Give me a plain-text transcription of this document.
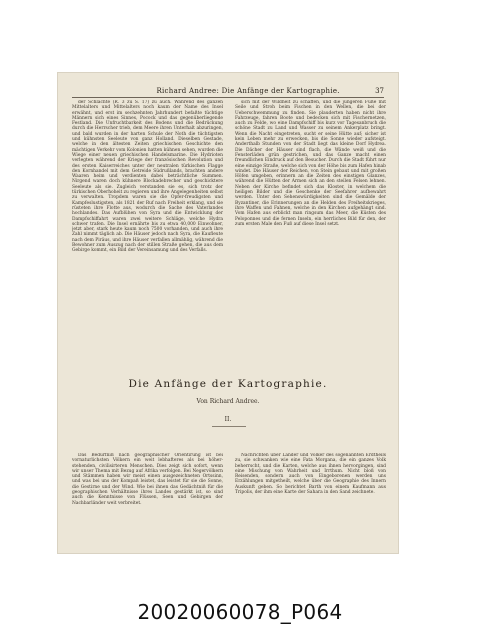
Richard Andree: Die Anfänge der Kartographie.	37

der Schlachte (R. 3 zu S. 17) zu auch. Während des ganzen Mittelalters und Mittelalters noch kaum der Name des Insel erwähnt, und erst im sechzehnten Jahrhundert befaßte tüchtige Männern sich eines Sinnes, Pocock und das gegenüberliegende Festland. Die Unfruchtbarkeit des Bodens und die Bedrückung durch die Herrscher trieb, dem Meere ihren Unterhalt abzuringen, und bald wurden in der harten Schule der Noth die tüchtigsten und kühnsten Seeleute von ganz Holland. Dieselben Gestade, welche in den ältesten Zeiten griechischen Geschichte den mächtigen Verkehr vom Kolonien hatten kühnen sehen, wurden die Wiege einer neuen griechischen Handelsmarine. Die Hydrioten verlegten während der Kriege der französischen Revolution und des ersten Kaiserreiches unter der neutralen türkischen Flagge den Kornhandel mit dem Getreide Südrußlands, brachten andere Waaren heim und verdienten dabei beträchtliche Summen. Nirgend waren doch kühnere Blockadebrecher und geschicktere Seeleute als sie. Zugleich verstanden sie es, sich trotz der türkischen Oberhoheit zu regieren und ihre Angelegenheiten selbst zu verwalten. Tropdem waren sie die Opfer-freudigsten und Kampfeslustigsten, als 1821 der Ruf nach Freiheit erklang, und sie rüsteten ihre Flotte aus, wodurch die Sache des Vaterlandes hochlandes. Das Aufblühen von Syra und die Entwicklung der Dampfschiffahrt waren zwei weitere Schläge, welche Hydra schwer trafen. Die Insel ernährte bis zu etwa 40,000 Einwohner, jetzt aber, stark heute kaum noch 7500 vorhanden, und auch ihre Zahl nimmt täglich ab. Die Häuser jedoch nach Syra, die Kaufleute nach dem Piräus, und ihre Häuser verfallen allmählig, während die Bewohner zum Auszug nach der stillen Straße gehen, die aus dem Gebirge kommt, ein Bild der Vereinsamung und des Verfalls.

sich mit der Wildheit zu schaffen, und die jüngeren Füße mit Seile und Stroh beim Fischen in den Wellen, die bei der Ueberschwemmung zu finden. Sie plauderten haben nicht ihre Fahrzeuge, fahren Boote und bedecken sich mit Fischernetzen, auch zu Felde, wo eine Dampfschiff bis kurz vor Tagesanbruch die schöne Stadt zu Land und Wasser zu seinem Ankerplatz bringt. Wenn die Nacht eingetreten, sucht er seine Hütte auf; sicher ist kein Leben mehr zu erwecken, bis die Sonne wieder aufsteigt. Anderthalb Stunden von der Stadt liegt das kleine Dorf Hydrea. Die Dächer der Häuser sind flach, die Wände weiß und die Fensterläden grün gestrichen, und das Ganze macht einen freundlichen Eindruck auf den Besucher. Durch die Stadt führt nur eine einzige Straße, welche sich von der Höhe bis zum Hafen hinab windet. Die Häuser der Reichen, von Stein gebaut und mit großen Höfen umgeben, erinnern an die Zeiten des einstigen Glanzes, während die Hütten der Armen sich an den steilen Felsen lehnen. Neben der Kirche befindet sich das Kloster, in welchem die heiligen Bilder und die Geschenke der Seefahrer aufbewahrt werden. Unter den Sehenswürdigkeiten sind die Gemälde der Byzantiner, die Erinnerungen an die Helden des Freiheitskrieges, ihre Waffen und Fahnen, welche in den Kirchen aufgehängt sind. Vom Hafen aus erblickt man ringsum das Meer, die Küsten des Peloponnes und die fernen Inseln, ein herrliches Bild für den, der zum ersten Male den Fuß auf diese Insel setzt.

Die Anfänge der Kartographie.
Von Richard Andree.
II.

Das Bedürfniß nach geographischer Orientirung ist bei vornaturlichsten Völkern ein weit lebhafteres als bei höher-stehenden, civilisirteren Menschen. Dies zeigt sich sofort, wenn wir unser Thema mit Bezug auf Afrika verfolgen. Bei Negervölkern und Stämmen haben wir meist einen ausgezeichneten Ortssinn, und was bei uns der Kompaß leistet, das leistet für sie die Sonne, die Gestirne und der Wind. Wie bei ihnen das Gedächtniß für die geographischen Verhältnisse ihres Landes gestärkt ist, so sind auch die Kenntnisse von Flüssen, Seen und Gebirgen der Nachbarländer weit verbreitet.

Nachrichten über Länder und Völker des sogenannten Erdtheils zu, sie schwanken wie eine Fata Morgana, die ein ganzes Volk beherrscht, und die Karten, welche aus ihnen hervorgingen, sind eine Mischung von Wahrheit und Irrthum. Nicht bloß von Reisenden, sondern auch von Eingeborenen werden uns Erzählungen mitgetheilt, welche über die Geographie des Innern Auskunft geben. So berichtet Barth von einem Kaufmann aus Tripolis, der ihm eine Karte der Sahara in den Sand zeichnete.

20020060078_P064
